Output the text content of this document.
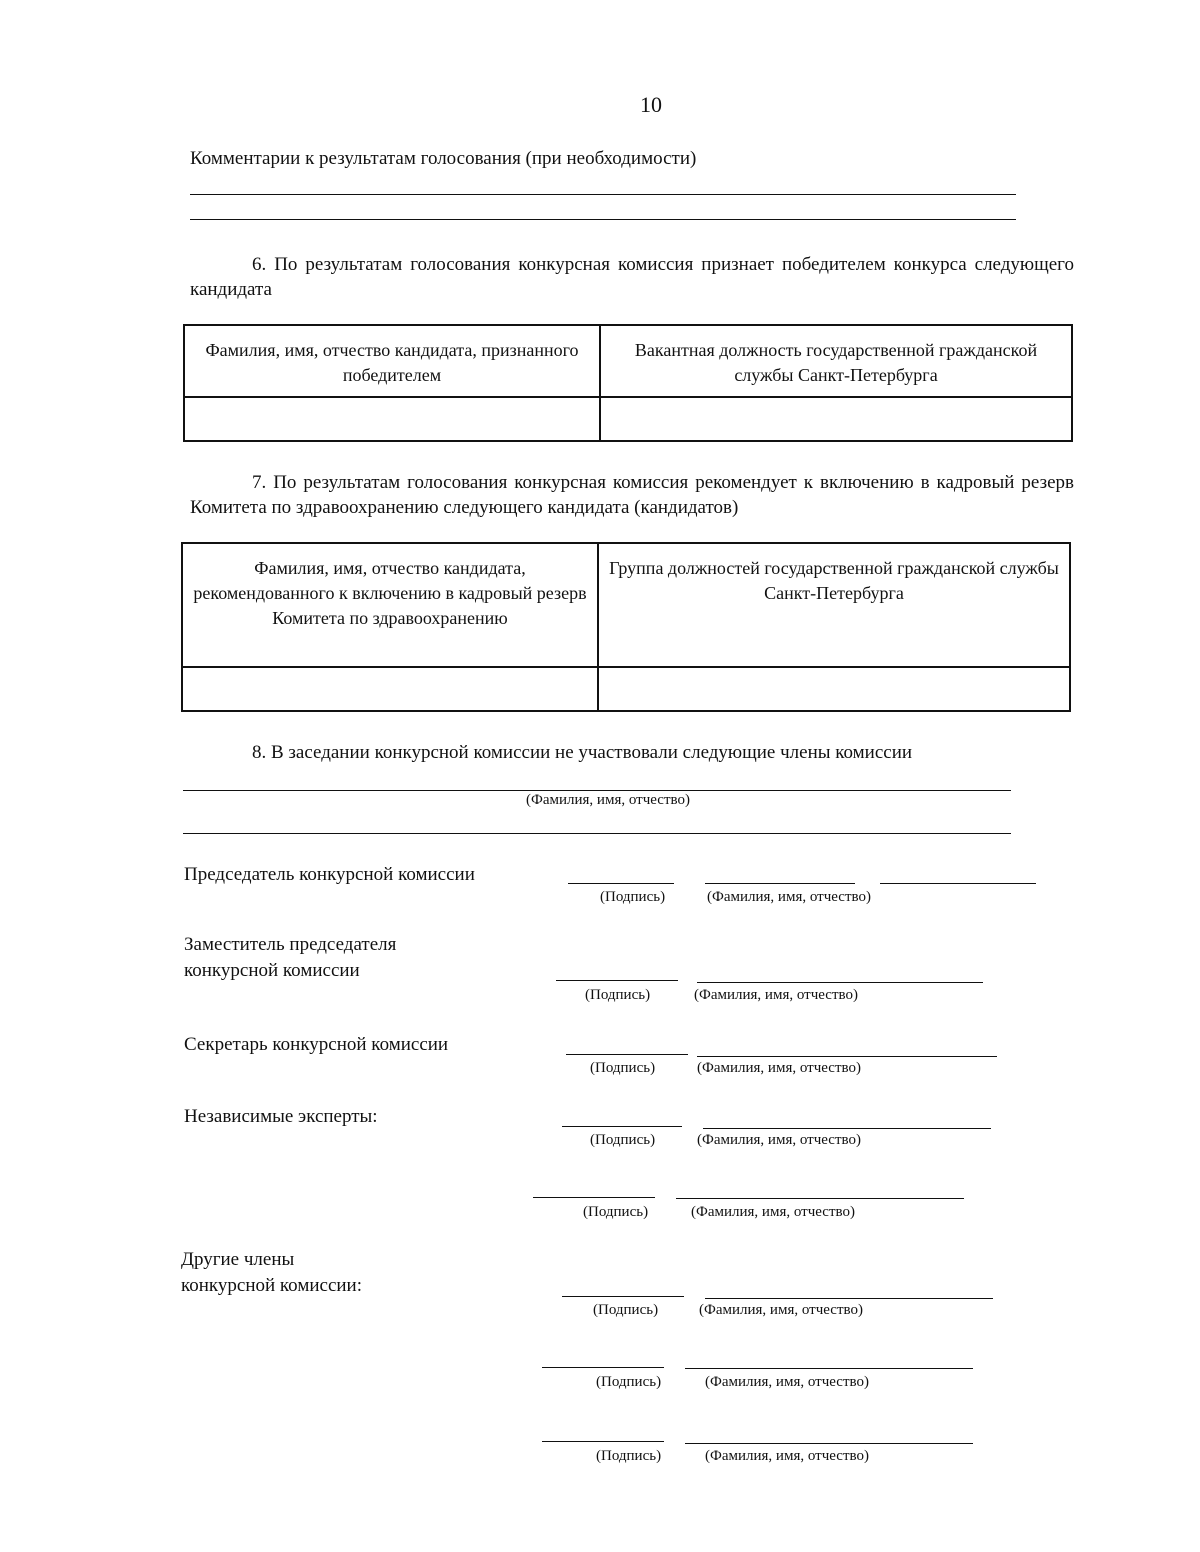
10
Комментарии к результатам голосования (при необходимости)
6. По результатам голосования конкурсная комиссия признает победителем конкурса следующего кандидата
Фамилия, имя, отчество кандидата, признанного победителем	Вакантная должность государственной гражданской службы Санкт-Петербурга

7. По результатам голосования конкурсная комиссия рекомендует к включению в кадровый резерв Комитета по здравоохранению следующего кандидата (кандидатов)
Фамилия, имя, отчество кандидата, рекомендованного к включению в кадровый резерв Комитета по здравоохранению	Группа должностей государственной гражданской службы Санкт-Петербурга

8. В заседании конкурсной комиссии не участвовали следующие члены комиссии
(Фамилия, имя, отчество)
Председатель конкурсной комиссии
(Подпись)	(Фамилия, имя, отчество)
Заместитель председателя
конкурсной комиссии
(Подпись)	(Фамилия, имя, отчество)
Секретарь конкурсной комиссии
(Подпись)	(Фамилия, имя, отчество)
Независимые эксперты:
(Подпись)	(Фамилия, имя, отчество)
(Подпись)	(Фамилия, имя, отчество)
Другие члены
конкурсной комиссии:
(Подпись)	(Фамилия, имя, отчество)
(Подпись)	(Фамилия, имя, отчество)
(Подпись)	(Фамилия, имя, отчество)
